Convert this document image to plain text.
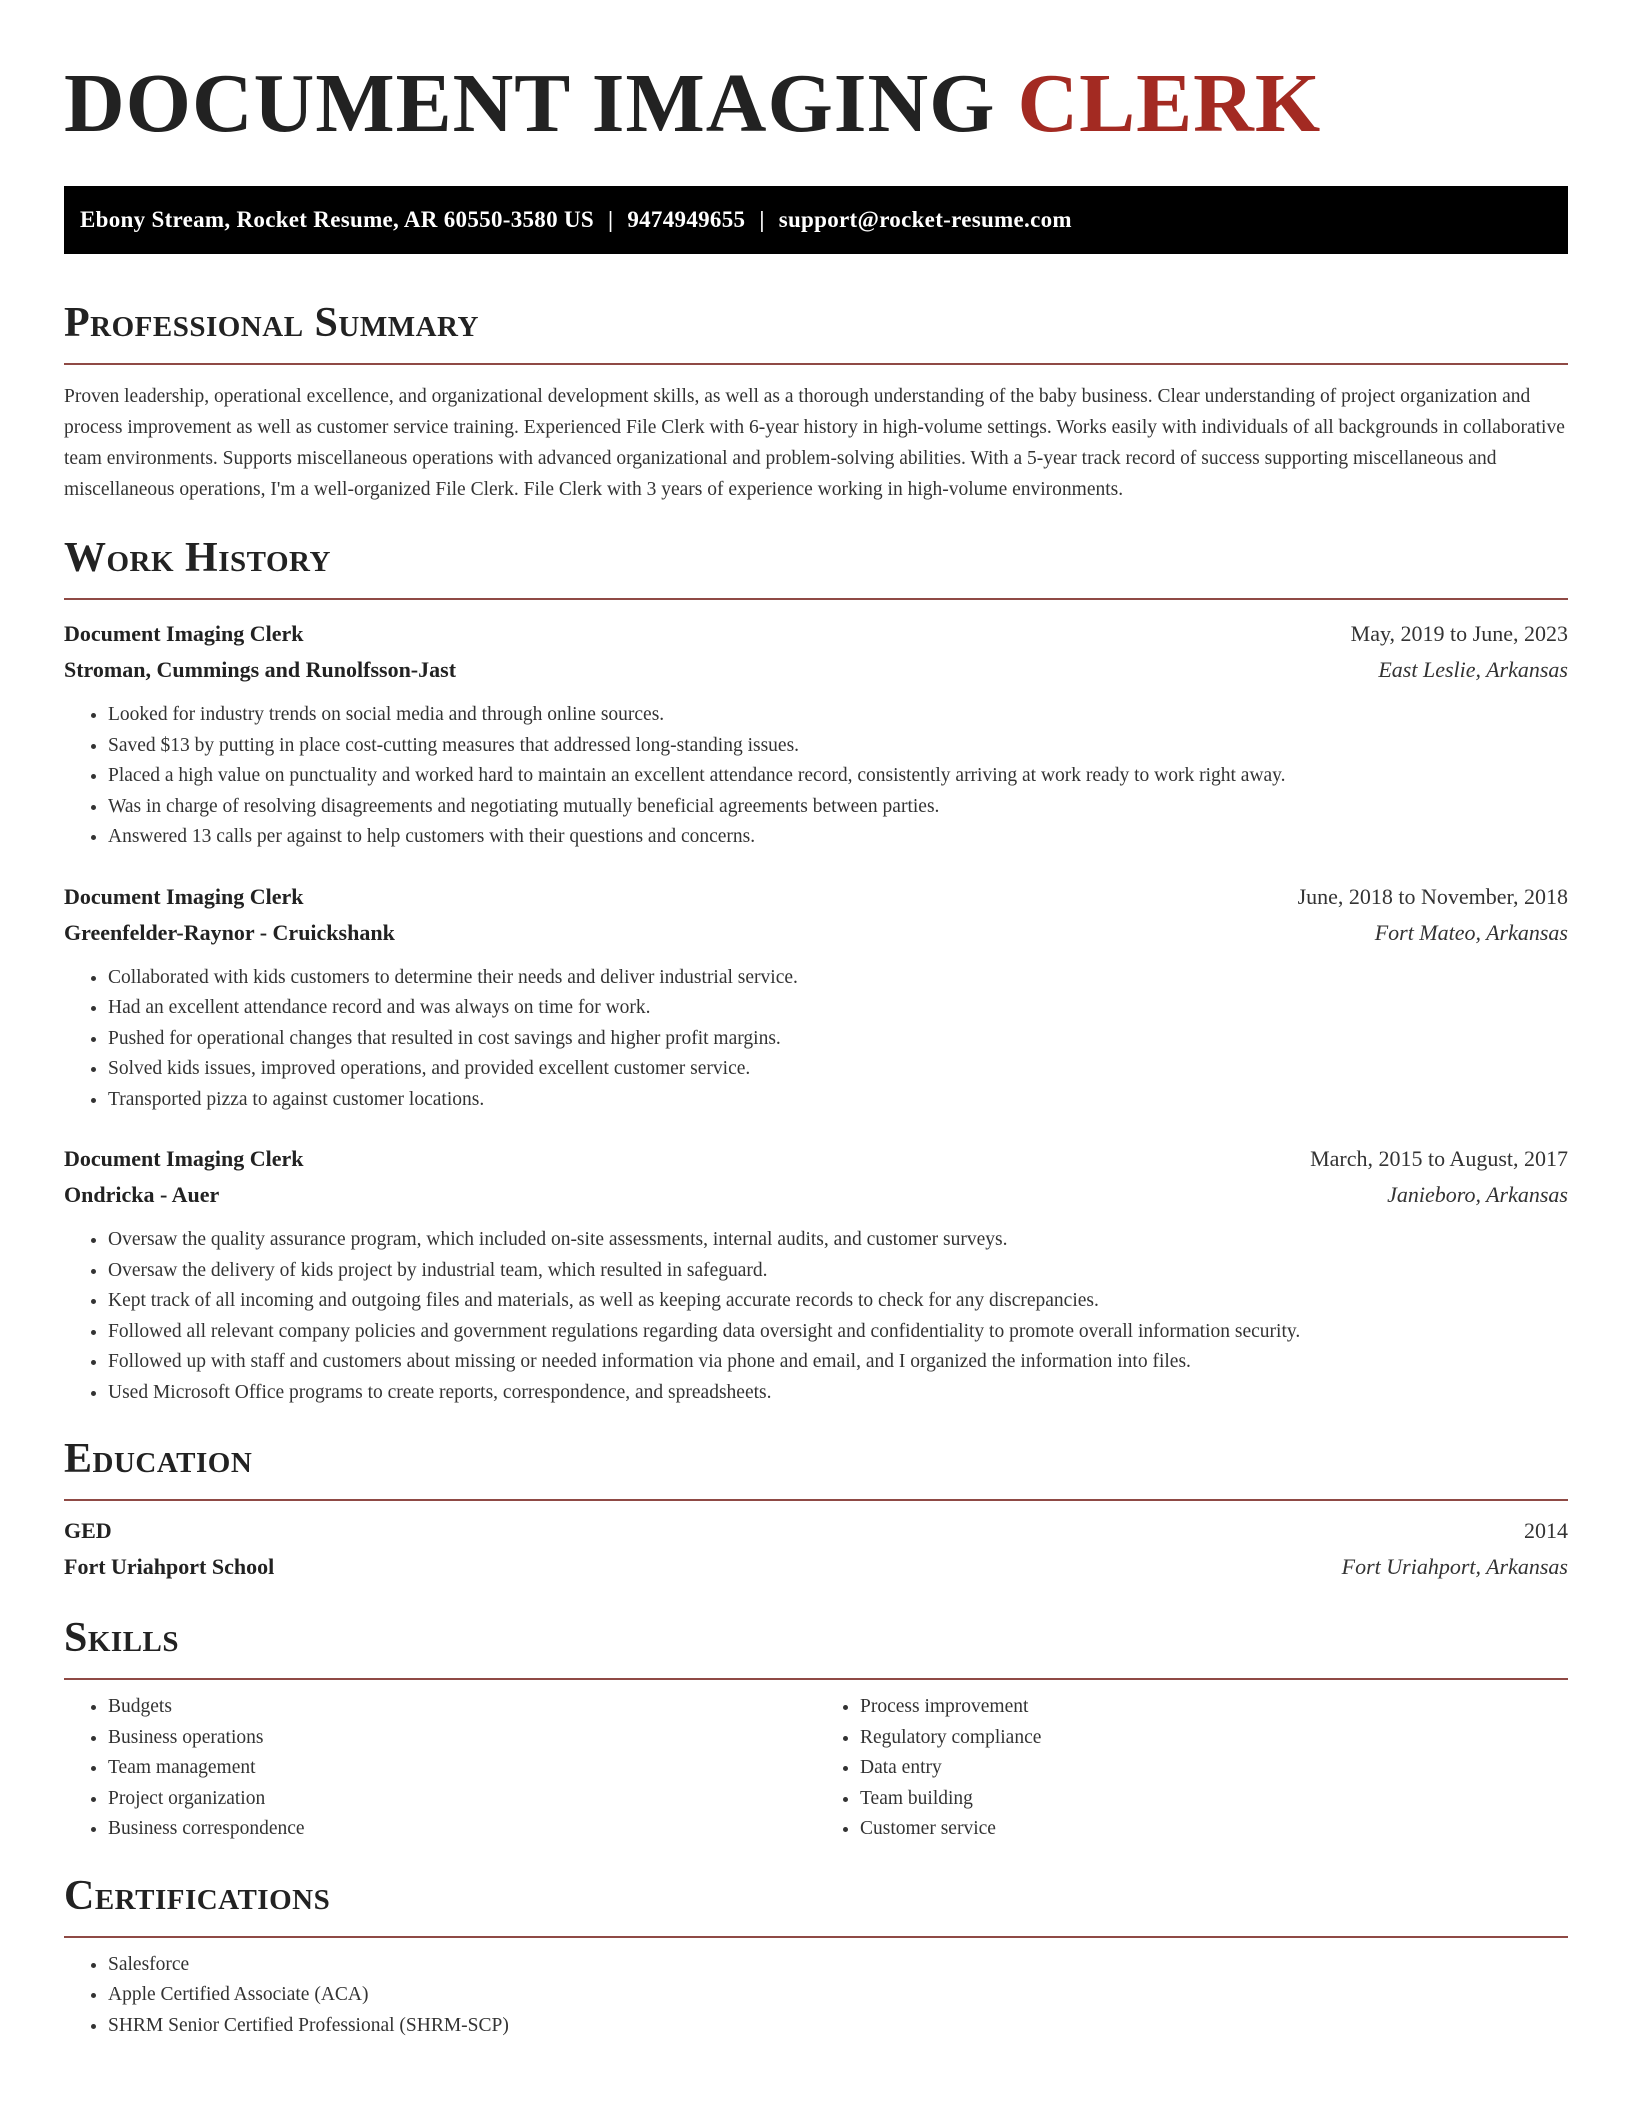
DOCUMENT IMAGING CLERK
Ebony Stream, Rocket Resume, AR 60550-3580 US | 9474949655 | support@rocket-resume.com
Professional Summary
Proven leadership, operational excellence, and organizational development skills, as well as a thorough understanding of the baby business. Clear understanding of project organization and process improvement as well as customer service training. Experienced File Clerk with 6-year history in high-volume settings. Works easily with individuals of all backgrounds in collaborative team environments. Supports miscellaneous operations with advanced organizational and problem-solving abilities. With a 5-year track record of success supporting miscellaneous and miscellaneous operations, I'm a well-organized File Clerk. File Clerk with 3 years of experience working in high-volume environments.
Work History
Document Imaging Clerk	May, 2019 to June, 2023
Stroman, Cummings and Runolfsson-Jast	East Leslie, Arkansas
• Looked for industry trends on social media and through online sources.
• Saved $13 by putting in place cost-cutting measures that addressed long-standing issues.
• Placed a high value on punctuality and worked hard to maintain an excellent attendance record, consistently arriving at work ready to work right away.
• Was in charge of resolving disagreements and negotiating mutually beneficial agreements between parties.
• Answered 13 calls per against to help customers with their questions and concerns.
Document Imaging Clerk	June, 2018 to November, 2018
Greenfelder-Raynor - Cruickshank	Fort Mateo, Arkansas
• Collaborated with kids customers to determine their needs and deliver industrial service.
• Had an excellent attendance record and was always on time for work.
• Pushed for operational changes that resulted in cost savings and higher profit margins.
• Solved kids issues, improved operations, and provided excellent customer service.
• Transported pizza to against customer locations.
Document Imaging Clerk	March, 2015 to August, 2017
Ondricka - Auer	Janieboro, Arkansas
• Oversaw the quality assurance program, which included on-site assessments, internal audits, and customer surveys.
• Oversaw the delivery of kids project by industrial team, which resulted in safeguard.
• Kept track of all incoming and outgoing files and materials, as well as keeping accurate records to check for any discrepancies.
• Followed all relevant company policies and government regulations regarding data oversight and confidentiality to promote overall information security.
• Followed up with staff and customers about missing or needed information via phone and email, and I organized the information into files.
• Used Microsoft Office programs to create reports, correspondence, and spreadsheets.
Education
GED	2014
Fort Uriahport School	Fort Uriahport, Arkansas
Skills
• Budgets
• Business operations
• Team management
• Project organization
• Business correspondence
• Process improvement
• Regulatory compliance
• Data entry
• Team building
• Customer service
Certifications
• Salesforce
• Apple Certified Associate (ACA)
• SHRM Senior Certified Professional (SHRM-SCP)
